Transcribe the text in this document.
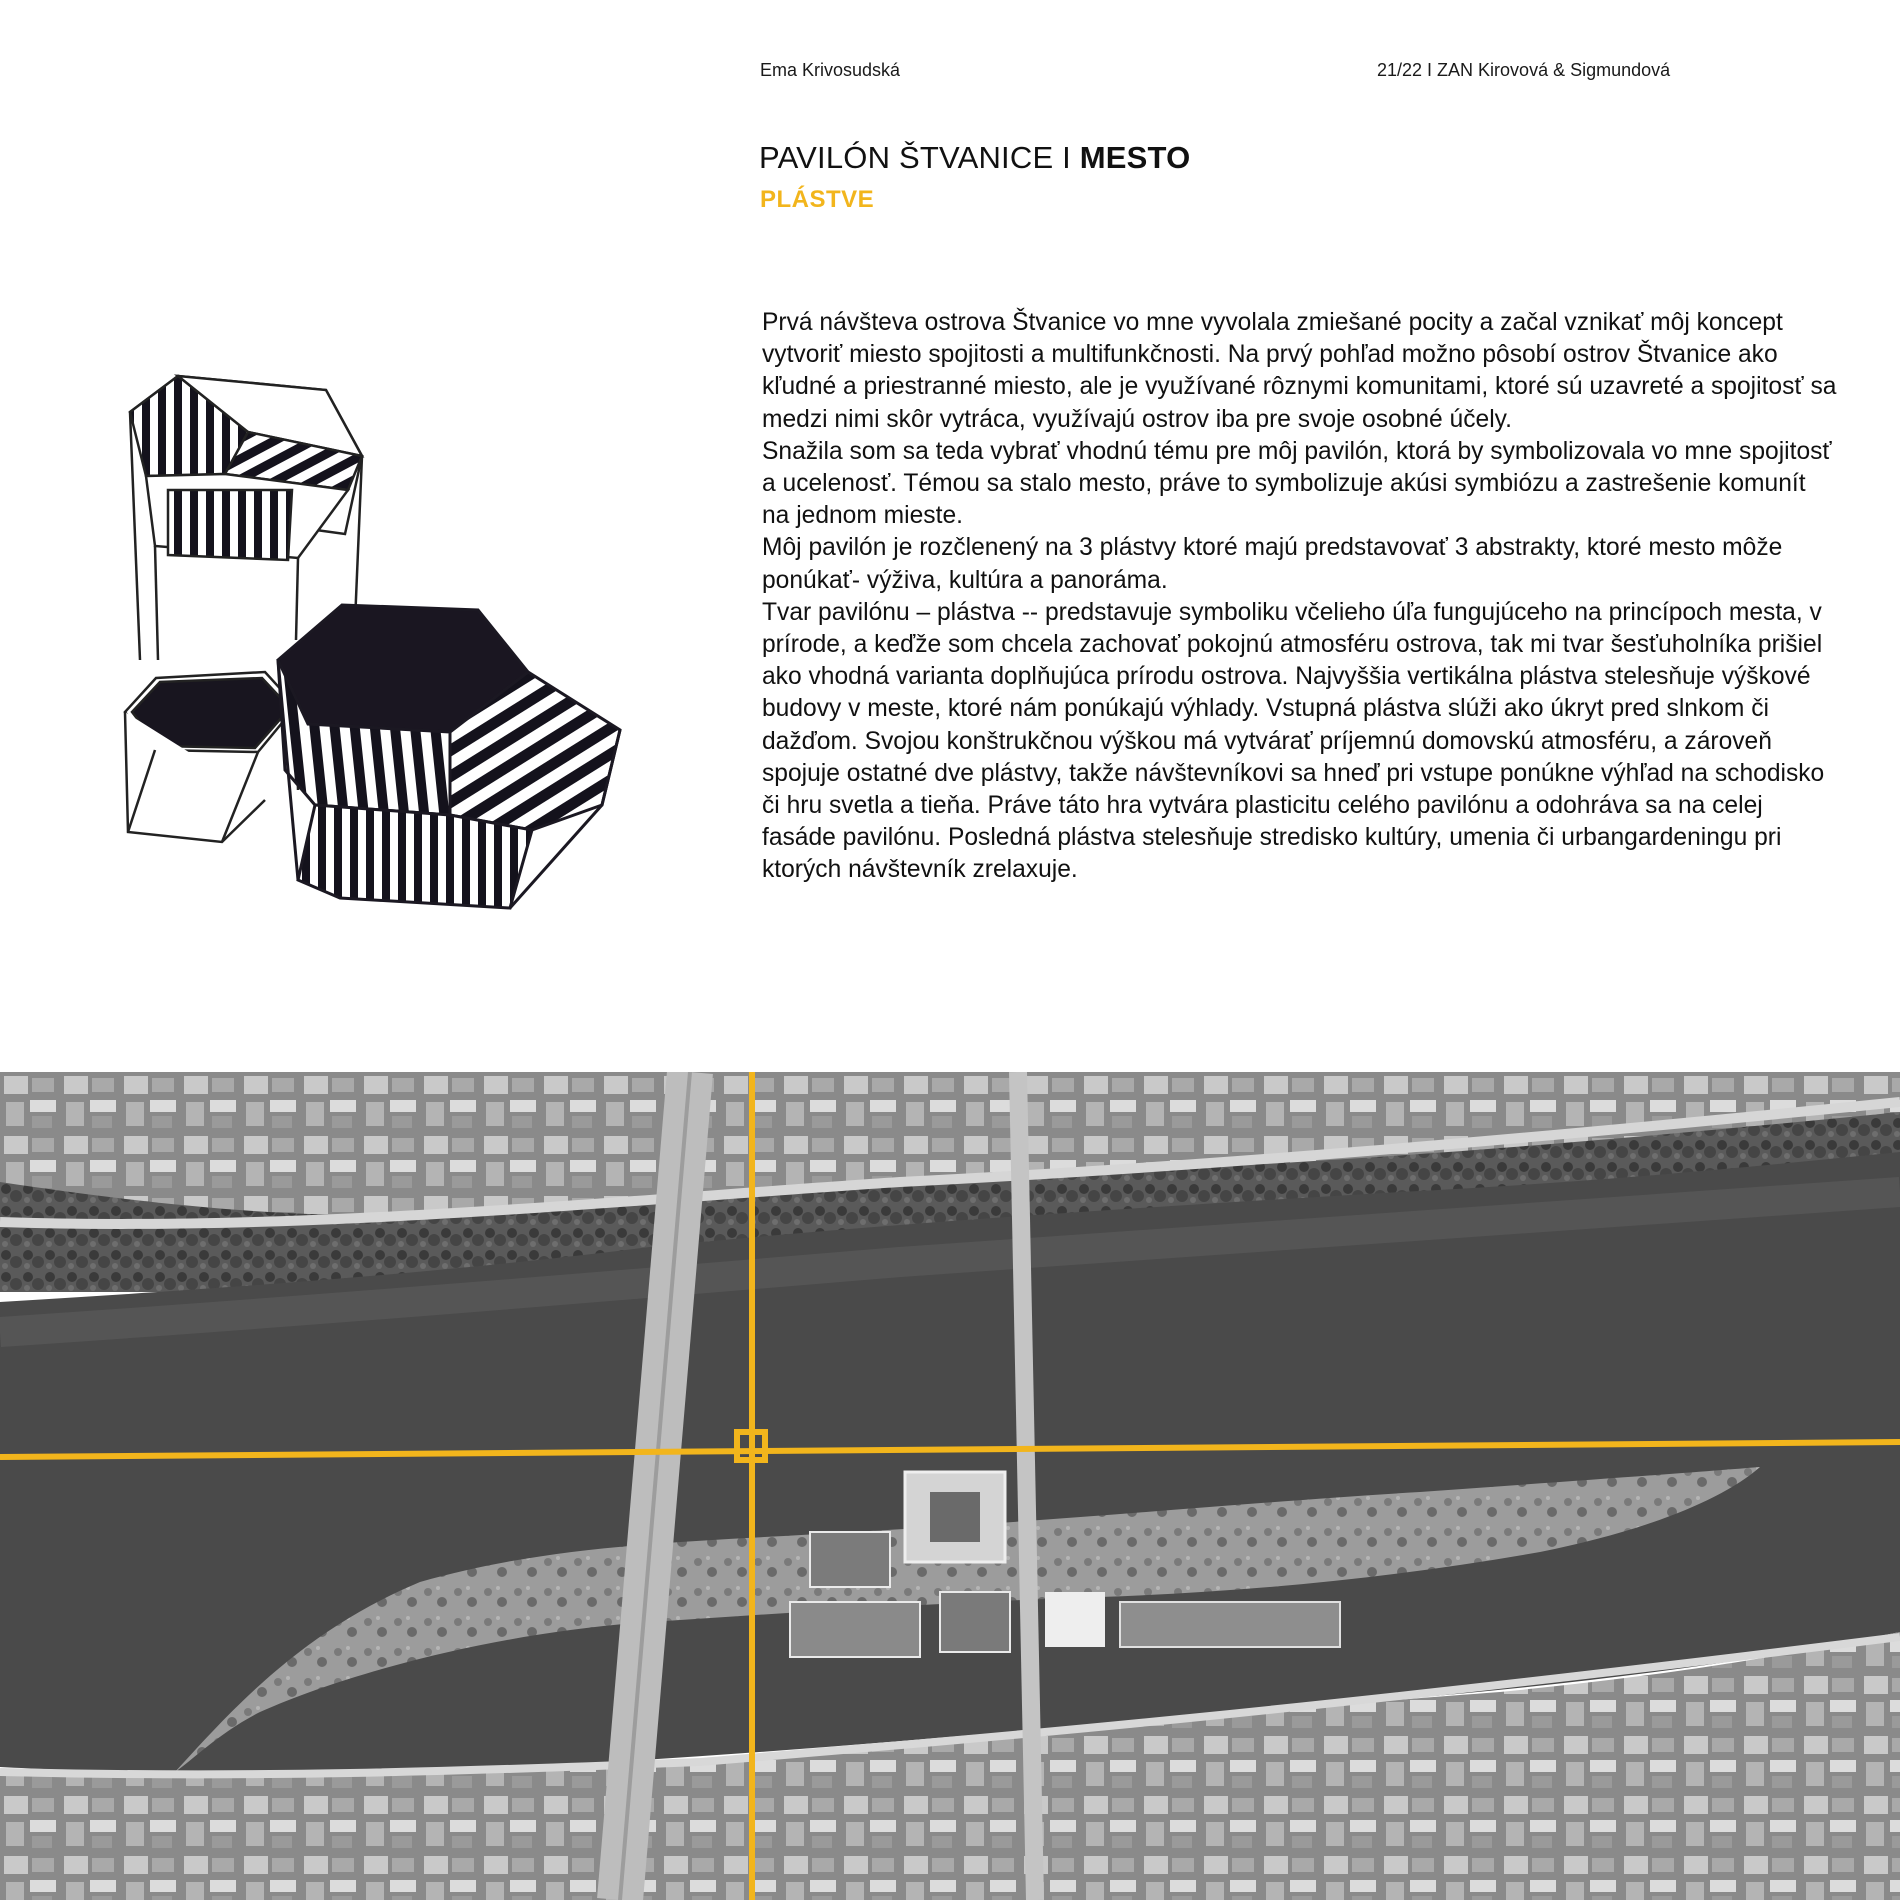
Ema Krivosudská	21/22 I ZAN Kirovová & Sigmundová
PAVILÓN ŠTVANICE I MESTO
PLÁSTVE

Prvá návšteva ostrova Štvanice vo mne vyvolala zmiešané pocity a začal vznikať môj koncept vytvoriť miesto spojitosti a multifunkčnosti. Na prvý pohľad možno pôsobí ostrov Štvanice ako kľudné a priestranné miesto, ale je využívané rôznymi komunitami, ktoré sú uzavreté a spojitosť sa medzi nimi skôr vytráca, využívajú ostrov iba pre svoje osobné účely.

Snažila som sa teda vybrať vhodnú tému pre môj pavilón, ktorá by symbolizovala vo mne spojitosť a ucelenosť. Témou sa stalo mesto, práve to symbolizuje akúsi symbiózu a zastrešenie komunít na jednom mieste.

Môj pavilón je rozčlenený na 3 plástvy ktoré majú predstavovať 3 abstrakty, ktoré mesto môže ponúkať- výživa, kultúra a panoráma.

Tvar pavilónu – plástva -- predstavuje symboliku včelieho úľa fungujúceho na princípoch mesta, v prírode, a keďže som chcela zachovať pokojnú atmosféru ostrova, tak mi tvar šesťuholníka prišiel ako vhodná varianta doplňujúca prírodu ostrova. Najvyššia vertikálna plástva stelesňuje výškové budovy v meste, ktoré nám ponúkajú výhlady. Vstupná plástva slúži ako úkryt pred slnkom či dažďom. Svojou konštrukčnou výškou má vytvárať príjemnú domovskú atmosféru, a zároveň spojuje ostatné dve plástvy, takže návštevníkovi sa hneď pri vstupe ponúkne výhľad na schodisko či hru svetla a tieňa. Práve táto hra vytvára plasticitu celého pavilónu a odohráva sa na celej fasáde pavilónu. Posledná plástva stelesňuje stredisko kultúry, umenia či urbangardeningu pri ktorých návštevník zrelaxuje.
